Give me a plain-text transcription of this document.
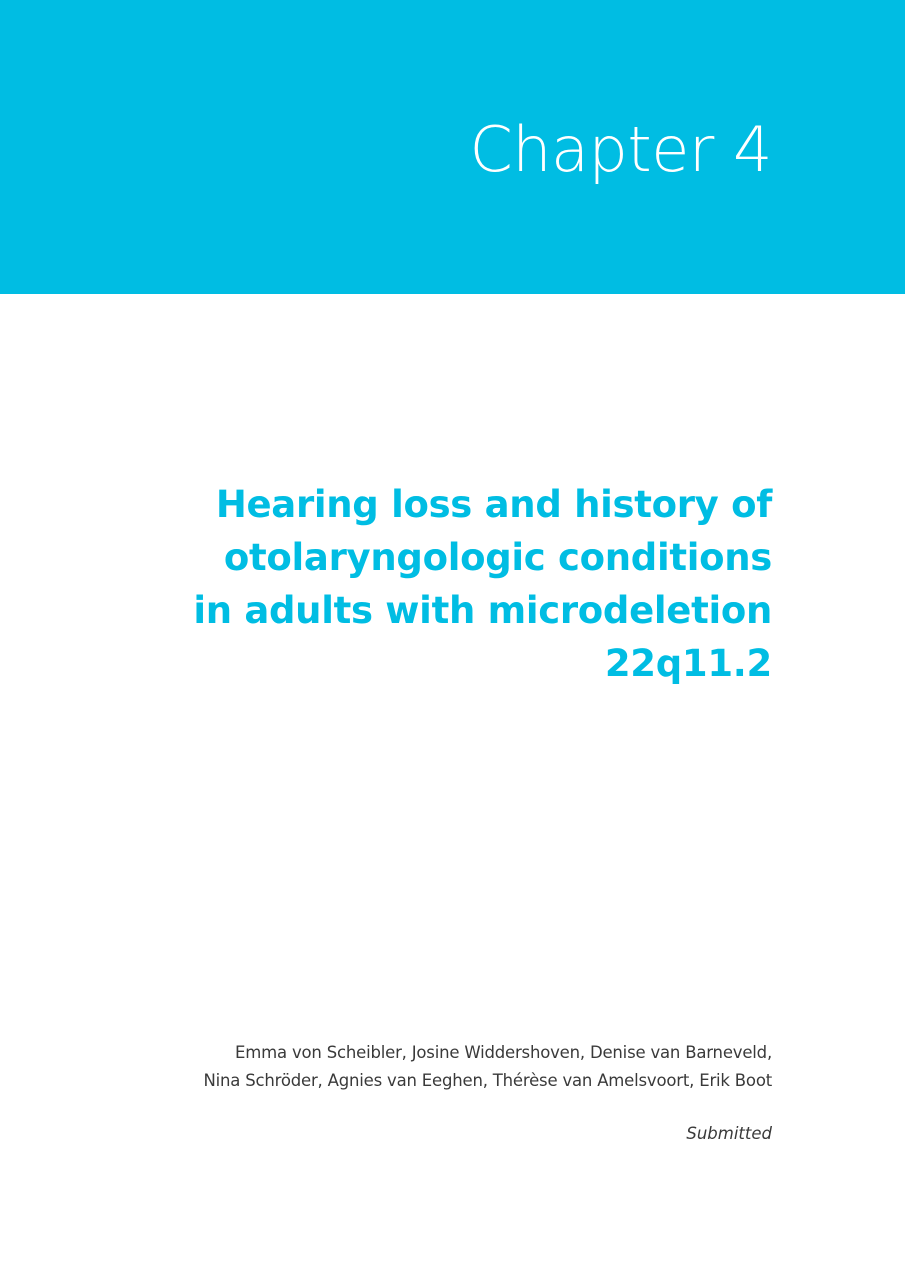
Chapter 4
Hearing loss and history of
otolaryngologic conditions
in adults with microdeletion
22q11.2

Emma von Scheibler, Josine Widdershoven, Denise van Barneveld,
Nina Schröder, Agnies van Eeghen, Thérèse van Amelsvoort, Erik Boot

Submitted
